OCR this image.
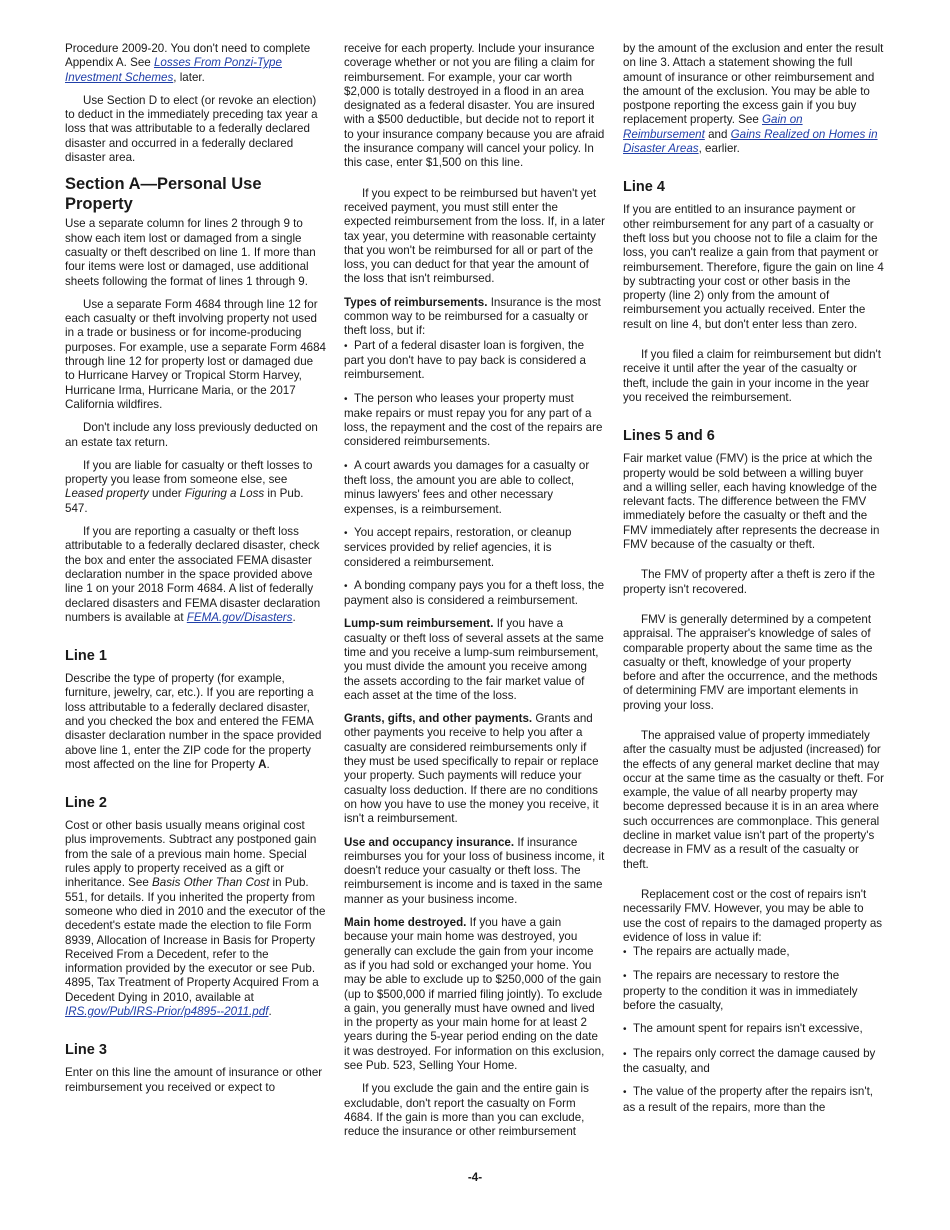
Procedure 2009-20. You don't need to complete Appendix A. See Losses From Ponzi-Type Investment Schemes, later.

Use Section D to elect (or revoke an election) to deduct in the immediately preceding tax year a loss that was attributable to a federally declared disaster and occurred in a federally declared disaster area.

Section A—Personal Use Property

Use a separate column for lines 2 through 9 to show each item lost or damaged from a single casualty or theft described on line 1. If more than four items were lost or damaged, use additional sheets following the format of lines 1 through 9.

Use a separate Form 4684 through line 12 for each casualty or theft involving property not used in a trade or business or for income-producing purposes. For example, use a separate Form 4684 through line 12 for property lost or damaged due to Hurricane Harvey or Tropical Storm Harvey, Hurricane Irma, Hurricane Maria, or the 2017 California wildfires.

Don't include any loss previously deducted on an estate tax return.

If you are liable for casualty or theft losses to property you lease from someone else, see Leased property under Figuring a Loss in Pub. 547.

If you are reporting a casualty or theft loss attributable to a federally declared disaster, check the box and enter the associated FEMA disaster declaration number in the space provided above line 1 on your 2018 Form 4684. A list of federally declared disasters and FEMA disaster declaration numbers is available at FEMA.gov/Disasters.

Line 1

Describe the type of property (for example, furniture, jewelry, car, etc.). If you are reporting a loss attributable to a federally declared disaster, and you checked the box and entered the FEMA disaster declaration number in the space provided above line 1, enter the ZIP code for the property most affected on the line for Property A.

Line 2

Cost or other basis usually means original cost plus improvements. Subtract any postponed gain from the sale of a previous main home. Special rules apply to property received as a gift or inheritance. See Basis Other Than Cost in Pub. 551, for details. If you inherited the property from someone who died in 2010 and the executor of the decedent's estate made the election to file Form 8939, Allocation of Increase in Basis for Property Received From a Decedent, refer to the information provided by the executor or see Pub. 4895, Tax Treatment of Property Acquired From a Decedent Dying in 2010, available at IRS.gov/Pub/IRS-Prior/p4895--2011.pdf.

Line 3

Enter on this line the amount of insurance or other reimbursement you received or expect to

receive for each property. Include your insurance coverage whether or not you are filing a claim for reimbursement. For example, your car worth $2,000 is totally destroyed in a flood in an area designated as a federal disaster. You are insured with a $500 deductible, but decide not to report it to your insurance company because you are afraid the insurance company will cancel your policy. In this case, enter $1,500 on this line.

If you expect to be reimbursed but haven't yet received payment, you must still enter the expected reimbursement from the loss. If, in a later tax year, you determine with reasonable certainty that you won't be reimbursed for all or part of the loss, you can deduct for that year the amount of the loss that isn't reimbursed.

Types of reimbursements. Insurance is the most common way to be reimbursed for a casualty or theft loss, but if:

• Part of a federal disaster loan is forgiven, the part you don't have to pay back is considered a reimbursement.

• The person who leases your property must make repairs or must repay you for any part of a loss, the repayment and the cost of the repairs are considered reimbursements.

• A court awards you damages for a casualty or theft loss, the amount you are able to collect, minus lawyers' fees and other necessary expenses, is a reimbursement.

• You accept repairs, restoration, or cleanup services provided by relief agencies, it is considered a reimbursement.

• A bonding company pays you for a theft loss, the payment also is considered a reimbursement.

Lump-sum reimbursement. If you have a casualty or theft loss of several assets at the same time and you receive a lump-sum reimbursement, you must divide the amount you receive among the assets according to the fair market value of each asset at the time of the loss.

Grants, gifts, and other payments. Grants and other payments you receive to help you after a casualty are considered reimbursements only if they must be used specifically to repair or replace your property. Such payments will reduce your casualty loss deduction. If there are no conditions on how you have to use the money you receive, it isn't a reimbursement.

Use and occupancy insurance. If insurance reimburses you for your loss of business income, it doesn't reduce your casualty or theft loss. The reimbursement is income and is taxed in the same manner as your business income.

Main home destroyed. If you have a gain because your main home was destroyed, you generally can exclude the gain from your income as if you had sold or exchanged your home. You may be able to exclude up to $250,000 of the gain (up to $500,000 if married filing jointly). To exclude a gain, you generally must have owned and lived in the property as your main home for at least 2 years during the 5-year period ending on the date it was destroyed. For information on this exclusion, see Pub. 523, Selling Your Home.

If you exclude the gain and the entire gain is excludable, don't report the casualty on Form 4684. If the gain is more than you can exclude, reduce the insurance or other reimbursement

by the amount of the exclusion and enter the result on line 3. Attach a statement showing the full amount of insurance or other reimbursement and the amount of the exclusion. You may be able to postpone reporting the excess gain if you buy replacement property. See Gain on Reimbursement and Gains Realized on Homes in Disaster Areas, earlier.

Line 4

If you are entitled to an insurance payment or other reimbursement for any part of a casualty or theft loss but you choose not to file a claim for the loss, you can't realize a gain from that payment or reimbursement. Therefore, figure the gain on line 4 by subtracting your cost or other basis in the property (line 2) only from the amount of reimbursement you actually received. Enter the result on line 4, but don't enter less than zero.

If you filed a claim for reimbursement but didn't receive it until after the year of the casualty or theft, include the gain in your income in the year you received the reimbursement.

Lines 5 and 6

Fair market value (FMV) is the price at which the property would be sold between a willing buyer and a willing seller, each having knowledge of the relevant facts. The difference between the FMV immediately before the casualty or theft and the FMV immediately after represents the decrease in FMV because of the casualty or theft.

The FMV of property after a theft is zero if the property isn't recovered.

FMV is generally determined by a competent appraisal. The appraiser's knowledge of sales of comparable property about the same time as the casualty or theft, knowledge of your property before and after the occurrence, and the methods of determining FMV are important elements in proving your loss.

The appraised value of property immediately after the casualty must be adjusted (increased) for the effects of any general market decline that may occur at the same time as the casualty or theft. For example, the value of all nearby property may become depressed because it is in an area where such occurrences are commonplace. This general decline in market value isn't part of the property's decrease in FMV as a result of the casualty or theft.

Replacement cost or the cost of repairs isn't necessarily FMV. However, you may be able to use the cost of repairs to the damaged property as evidence of loss in value if:

• The repairs are actually made,

• The repairs are necessary to restore the property to the condition it was in immediately before the casualty,

• The amount spent for repairs isn't excessive,

• The repairs only correct the damage caused by the casualty, and

• The value of the property after the repairs isn't, as a result of the repairs, more than the

-4-
